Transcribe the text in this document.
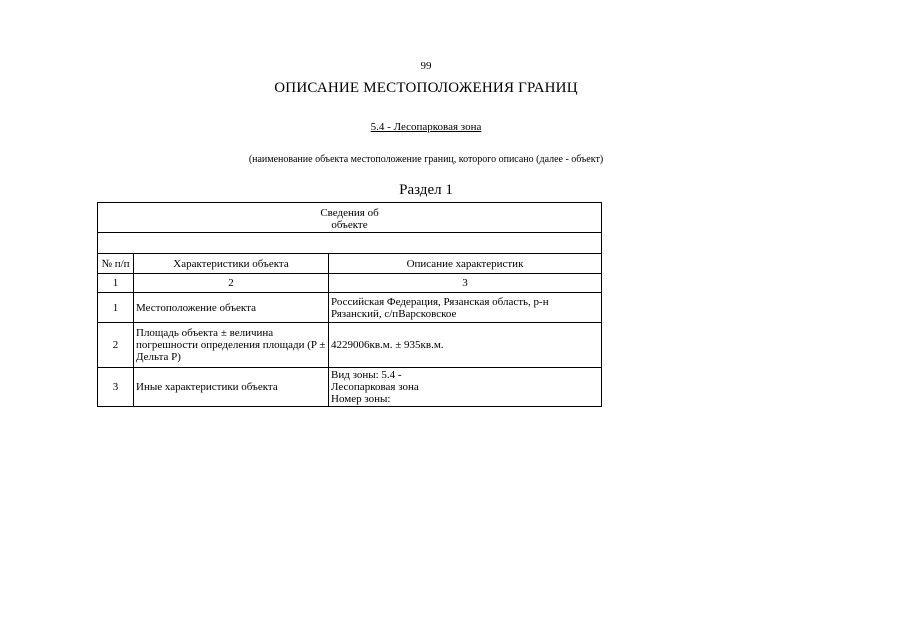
99
ОПИСАНИЕ МЕСТОПОЛОЖЕНИЯ ГРАНИЦ
5.4 - Лесопарковая зона
(наименование объекта местоположение границ, которого описано (далее - объект)
Раздел 1
Сведения об объекте		

№ п/п	Характеристики объекта	Описание характеристик
1	2	3
1	Местоположение объекта	Российская Федерация, Рязанская область, р-н Рязанский, с/пВарсковское
2	Площадь объекта ± величина погрешности определения площади (P ± Дельта P)	4229006кв.м. ± 935кв.м.
3	Иные характеристики объекта	Вид зоны: 5.4 -
Лесопарковая зона
Номер зоны:
